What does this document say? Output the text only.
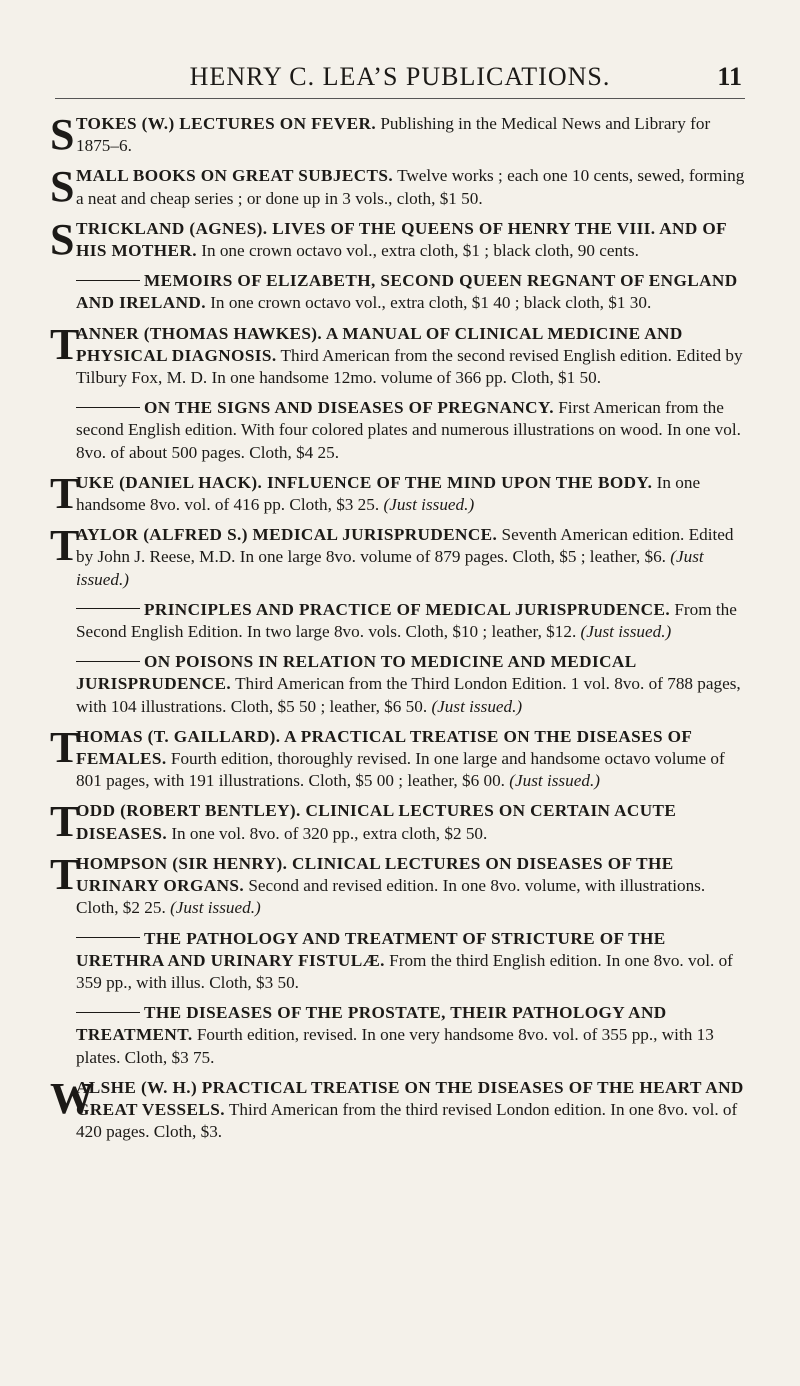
HENRY C. LEA’S PUBLICATIONS.	11
S TOKES (W.) LECTURES ON FEVER. Publishing in the Medical News and Library for 1875–6.
S MALL BOOKS ON GREAT SUBJECTS. Twelve works ; each one 10 cents, sewed, forming a neat and cheap series ; or done up in 3 vols., cloth, $1 50.
S TRICKLAND (AGNES). LIVES OF THE QUEENS OF HENRY THE VIII. AND OF HIS MOTHER. In one crown octavo vol., extra cloth, $1 ; black cloth, 90 cents.
MEMOIRS OF ELIZABETH, SECOND QUEEN REGNANT OF ENGLAND AND IRELAND. In one crown octavo vol., extra cloth, $1 40 ; black cloth, $1 30.
T
ANNER (THOMAS HAWKES). A MANUAL OF CLINICAL MEDICINE AND PHYSICAL DIAGNOSIS. Third American from the second revised English edition. Edited by Tilbury Fox, M. D. In one handsome 12mo. volume of 366 pp. Cloth, $1 50.
ON THE SIGNS AND DISEASES OF PREGNANCY. First American from the second English edition. With four colored plates and numerous illustrations on wood. In one vol. 8vo. of about 500 pages. Cloth, $4 25.
T
UKE (DANIEL HACK). INFLUENCE OF THE MIND UPON THE BODY. In one handsome 8vo. vol. of 416 pp. Cloth, $3 25. (Just issued.)
T
AYLOR (ALFRED S.) MEDICAL JURISPRUDENCE. Seventh American edition. Edited by John J. Reese, M.D. In one large 8vo. volume of 879 pages. Cloth, $5 ; leather, $6. (Just issued.)
PRINCIPLES AND PRACTICE OF MEDICAL JURISPRUDENCE. From the Second English Edition. In two large 8vo. vols. Cloth, $10 ; leather, $12. (Just issued.)
ON POISONS IN RELATION TO MEDICINE AND MEDICAL JURISPRUDENCE. Third American from the Third London Edition. 1 vol. 8vo. of 788 pages, with 104 illustrations. Cloth, $5 50 ; leather, $6 50. (Just issued.)
T
HOMAS (T. GAILLARD). A PRACTICAL TREATISE ON THE DISEASES OF FEMALES. Fourth edition, thoroughly revised. In one large and handsome octavo volume of 801 pages, with 191 illustrations. Cloth, $5 00 ; leather, $6 00. (Just issued.)
T
ODD (ROBERT BENTLEY). CLINICAL LECTURES ON CERTAIN ACUTE DISEASES. In one vol. 8vo. of 320 pp., extra cloth, $2 50.
T
HOMPSON (SIR HENRY). CLINICAL LECTURES ON DISEASES OF THE URINARY ORGANS. Second and revised edition. In one 8vo. volume, with illustrations. Cloth, $2 25. (Just issued.)
THE PATHOLOGY AND TREATMENT OF STRICTURE OF THE URETHRA AND URINARY FISTULÆ. From the third English edition. In one 8vo. vol. of 359 pp., with illus. Cloth, $3 50.
THE DISEASES OF THE PROSTATE, THEIR PATHOLOGY AND TREATMENT. Fourth edition, revised. In one very handsome 8vo. vol. of 355 pp., with 13 plates. Cloth, $3 75.
W
ALSHE (W. H.) PRACTICAL TREATISE ON THE DISEASES OF THE HEART AND GREAT VESSELS. Third American from the third revised London edition. In one 8vo. vol. of 420 pages. Cloth, $3.
